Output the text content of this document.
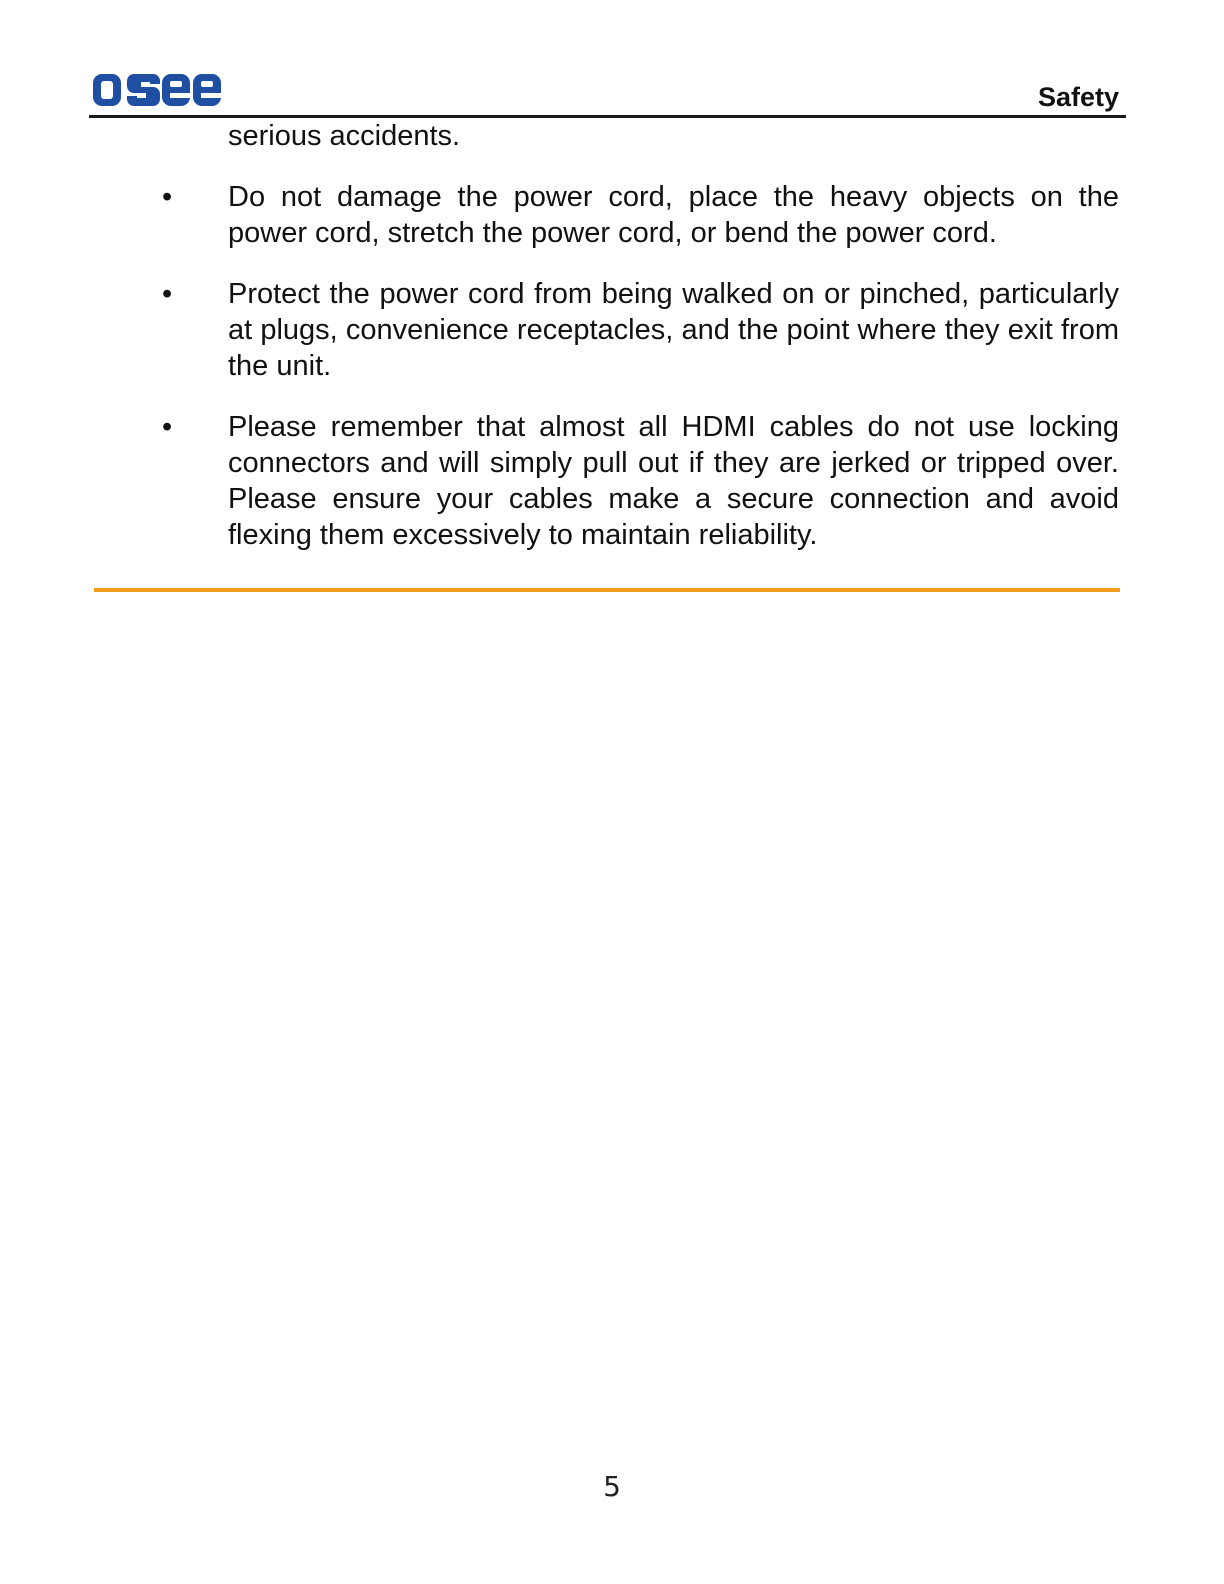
Safety

serious accidents.

• Do not damage the power cord, place the heavy objects on the power cord, stretch the power cord, or bend the power cord.
• Protect the power cord from being walked on or pinched, particularly at plugs, convenience receptacles, and the point where they exit from the unit.
• Please remember that almost all HDMI cables do not use locking connectors and will simply pull out if they are jerked or tripped over. Please ensure your cables make a secure connection and avoid flexing them excessively to maintain reliability.
5
